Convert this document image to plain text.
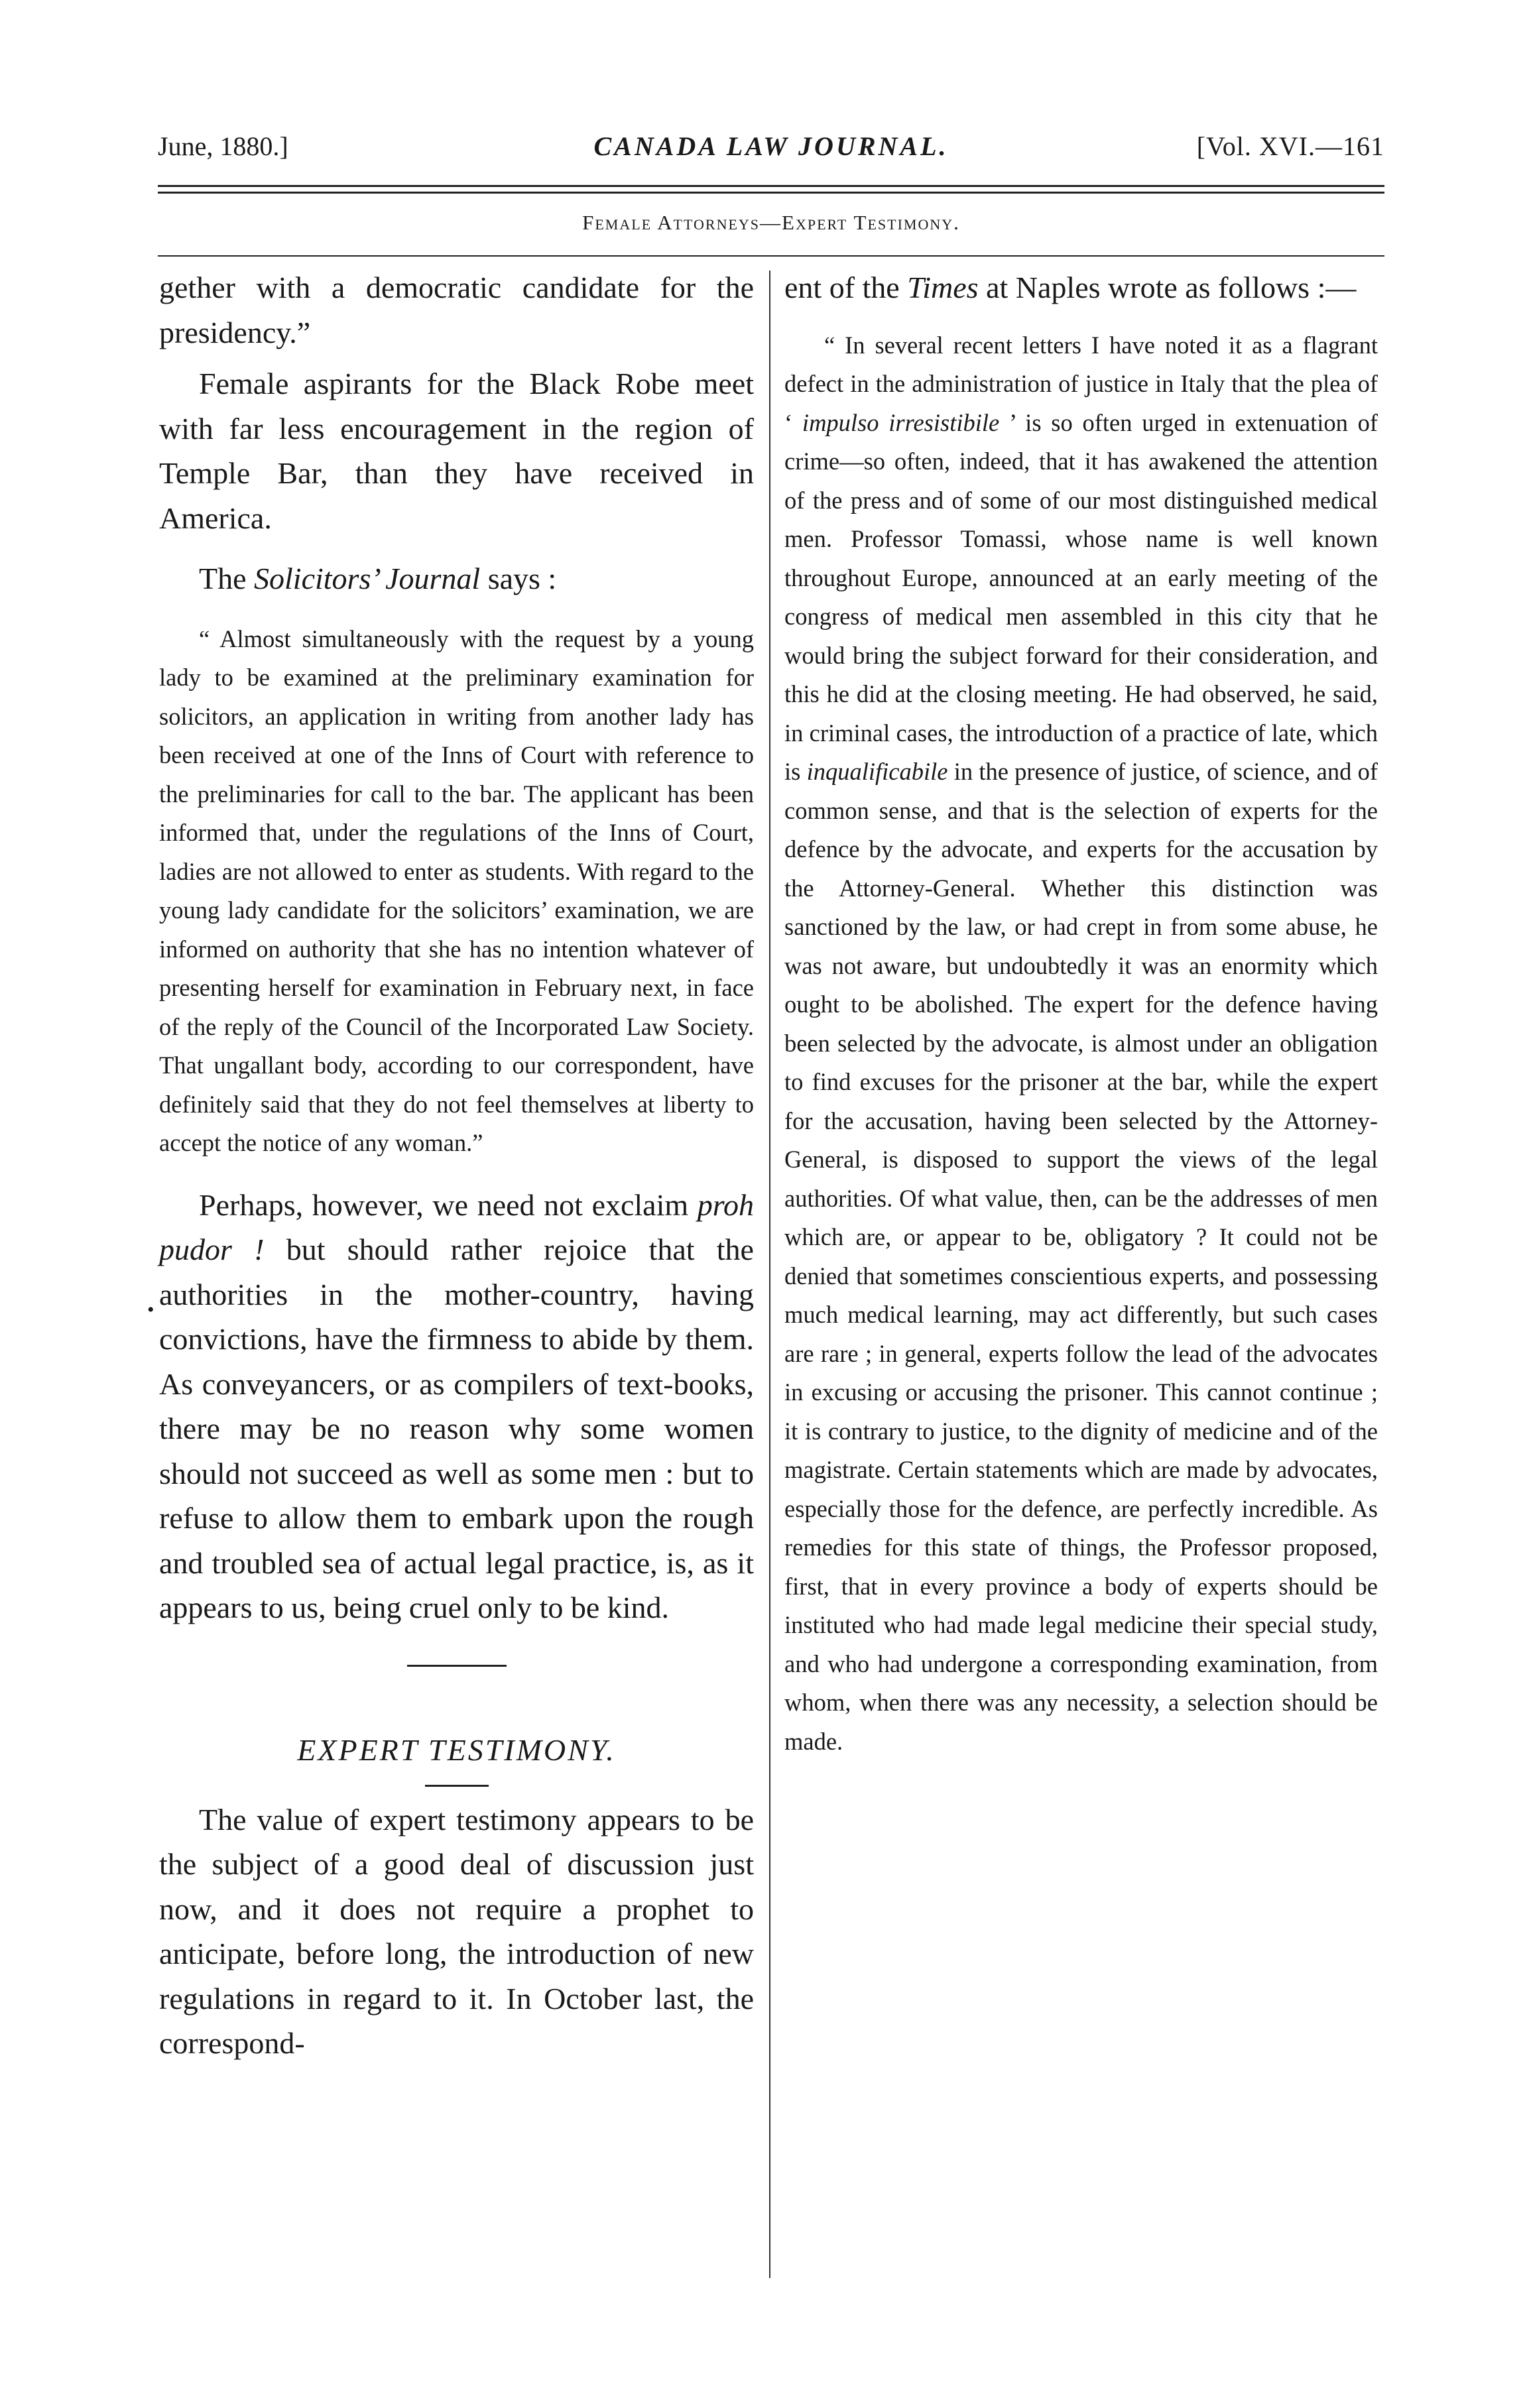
June, 1880.]	CANADA LAW JOURNAL.	[Vol. XVI.—161
Female Attorneys—Expert Testimony.

gether with a democratic candidate for the presidency.”

Female aspirants for the Black Robe meet with far less encouragement in the region of Temple Bar, than they have received in America.

The Solicitors’ Journal says :

“ Almost simultaneously with the request by a young lady to be examined at the preliminary examination for solicitors, an application in writing from another lady has been received at one of the Inns of Court with reference to the preliminaries for call to the bar. The applicant has been informed that, under the regulations of the Inns of Court, ladies are not allowed to enter as students. With regard to the young lady candidate for the solicitors’ examination, we are informed on authority that she has no intention whatever of presenting herself for examination in February next, in face of the reply of the Council of the Incorporated Law Society. That ungallant body, according to our correspondent, have definitely said that they do not feel themselves at liberty to accept the notice of any woman.”

Perhaps, however, we need not exclaim proh pudor ! but should rather rejoice that the authorities in the mother-country, having convictions, have the firmness to abide by them. As conveyancers, or as compilers of text-books, there may be no reason why some women should not succeed as well as some men : but to refuse to allow them to embark upon the rough and troubled sea of actual legal practice, is, as it appears to us, being cruel only to be kind.

EXPERT TESTIMONY.

The value of expert testimony appears to be the subject of a good deal of discussion just now, and it does not require a prophet to anticipate, before long, the introduction of new regulations in regard to it. In October last, the correspond-

•

ent of the Times at Naples wrote as follows :—

“ In several recent letters I have noted it as a flagrant defect in the administration of justice in Italy that the plea of ‘ impulso irresistibile ’ is so often urged in extenuation of crime—so often, indeed, that it has awakened the attention of the press and of some of our most distinguished medical men. Professor Tomassi, whose name is well known throughout Europe, announced at an early meeting of the congress of medical men assembled in this city that he would bring the subject forward for their consideration, and this he did at the closing meeting. He had observed, he said, in criminal cases, the introduction of a practice of late, which is inqualificabile in the presence of justice, of science, and of common sense, and that is the selection of experts for the defence by the advocate, and experts for the accusation by the Attorney-General. Whether this distinction was sanctioned by the law, or had crept in from some abuse, he was not aware, but undoubtedly it was an enormity which ought to be abolished. The expert for the defence having been selected by the advocate, is almost under an obligation to find excuses for the prisoner at the bar, while the expert for the accusation, having been selected by the Attorney-General, is disposed to support the views of the legal authorities. Of what value, then, can be the addresses of men which are, or appear to be, obligatory ? It could not be denied that sometimes conscientious experts, and possessing much medical learning, may act differently, but such cases are rare ; in general, experts follow the lead of the advocates in excusing or accusing the prisoner. This cannot continue ; it is contrary to justice, to the dignity of medicine and of the magistrate. Certain statements which are made by advocates, especially those for the defence, are perfectly incredible. As remedies for this state of things, the Professor proposed, first, that in every province a body of experts should be instituted who had made legal medicine their special study, and who had undergone a corresponding examination, from whom, when there was any necessity, a selection should be made.
